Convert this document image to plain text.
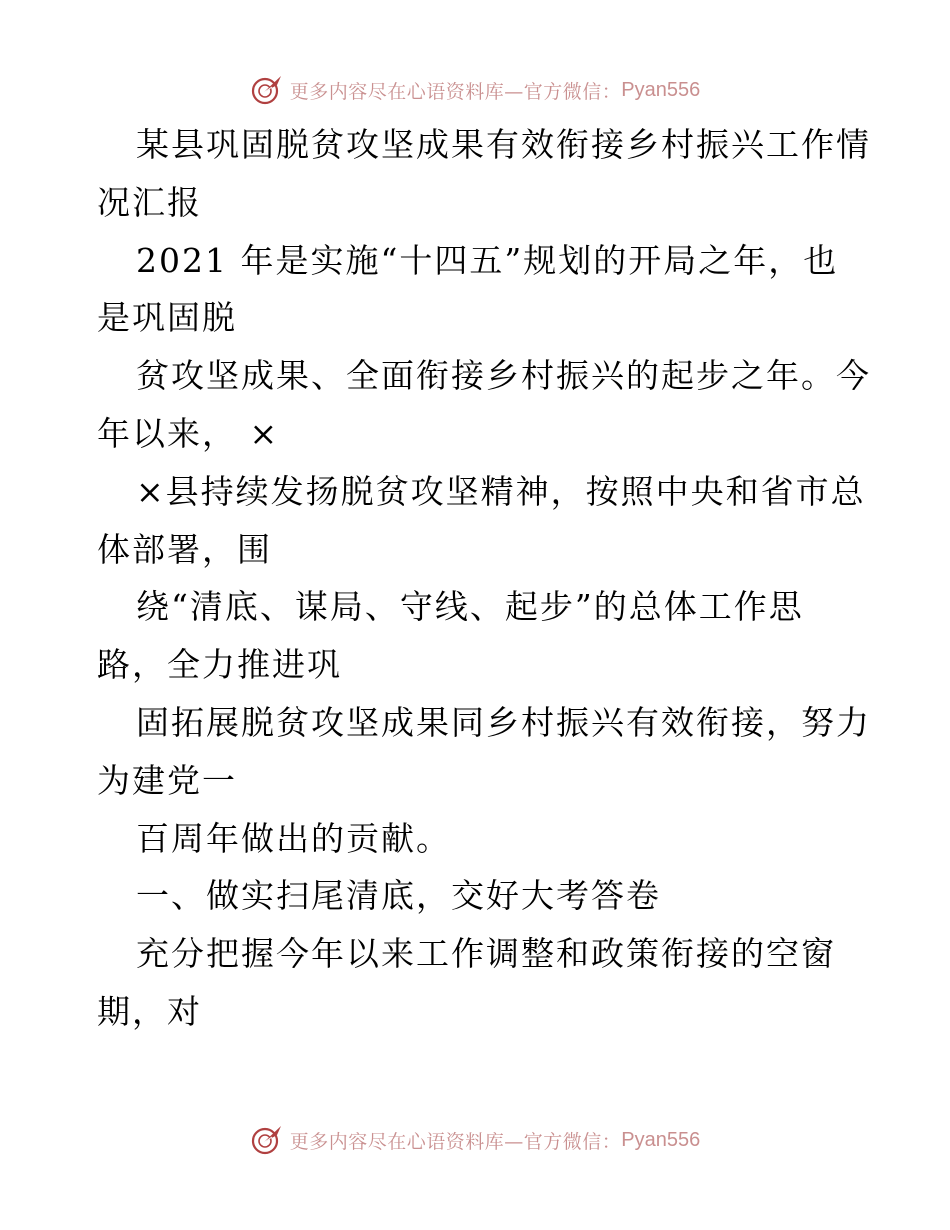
更多内容尽在心语资料库—官方微信： Pyan556
某县巩固脱贫攻坚成果有效衔接乡村振兴工作情
况汇报
2021 年是实施“十四五”规划的开局之年，也
是巩固脱
贫攻坚成果、全面衔接乡村振兴的起步之年。今
年以来， ×
×县持续发扬脱贫攻坚精神，按照中央和省市总
体部署，围
绕“清底、谋局、守线、起步”的总体工作思
路，全力推进巩
固拓展脱贫攻坚成果同乡村振兴有效衔接，努力
为建党一
百周年做出的贡献。
一、做实扫尾清底，交好大考答卷
充分把握今年以来工作调整和政策衔接的空窗
期，对
更多内容尽在心语资料库—官方微信： Pyan556
